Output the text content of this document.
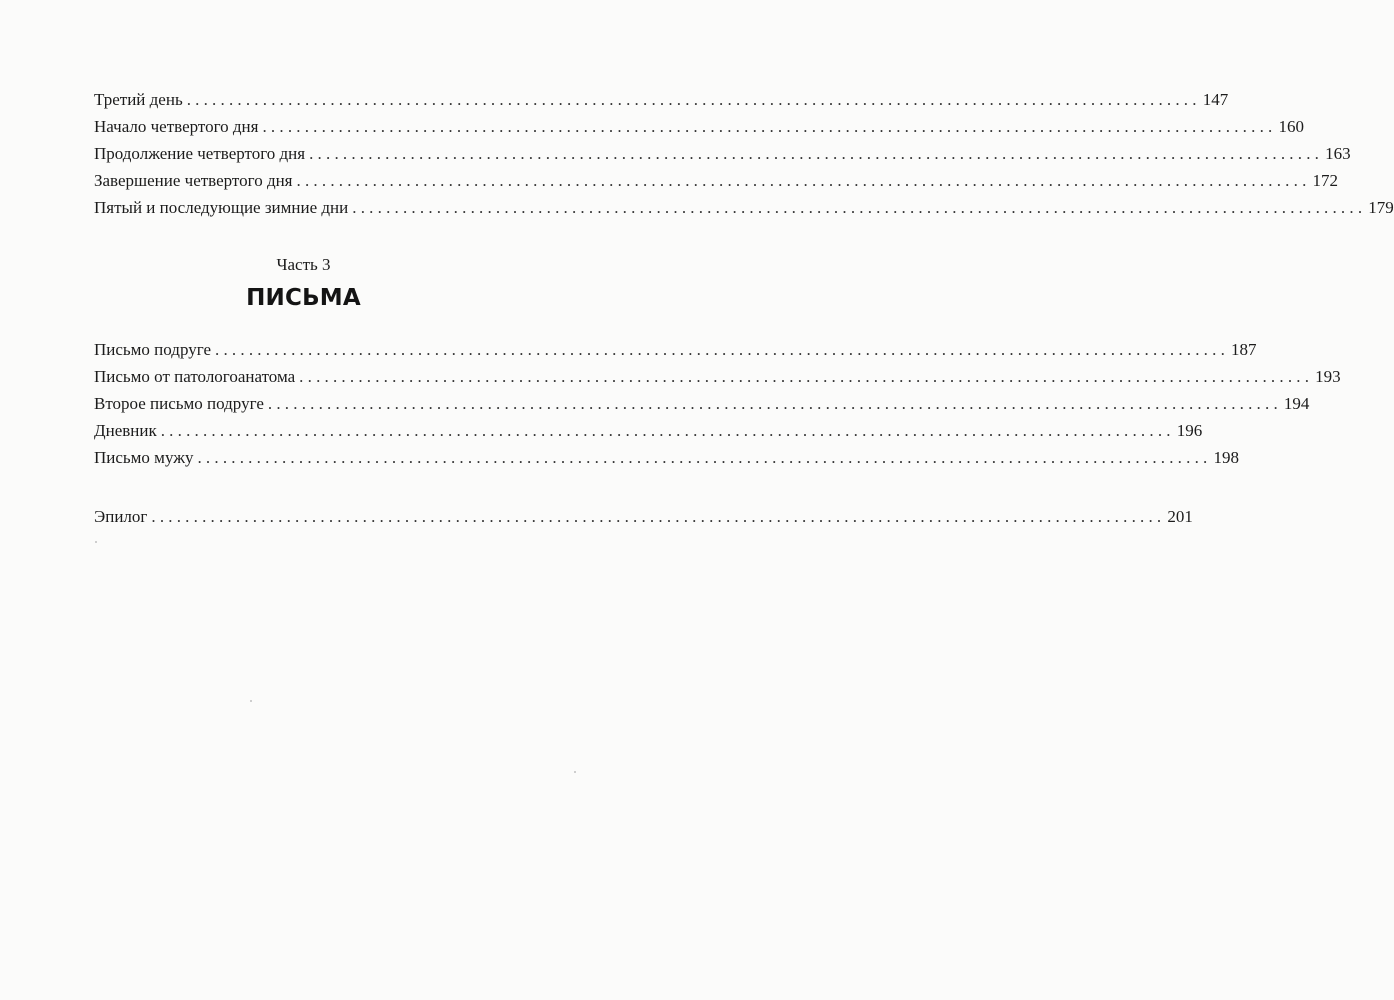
Третий день ........................................................................................................................ 147
Начало четвертого дня ........................................................................................................................ 160
Продолжение четвертого дня ........................................................................................................................ 163
Завершение четвертого дня ........................................................................................................................ 172
Пятый и последующие зимние дни ........................................................................................................................ 179
Часть 3
ПИСЬМА
Письмо подруге ........................................................................................................................ 187
Письмо от патологоанатома ........................................................................................................................ 193
Второе письмо подруге ........................................................................................................................ 194
Дневник ........................................................................................................................ 196
Письмо мужу ........................................................................................................................ 198
Эпилог ........................................................................................................................ 201
